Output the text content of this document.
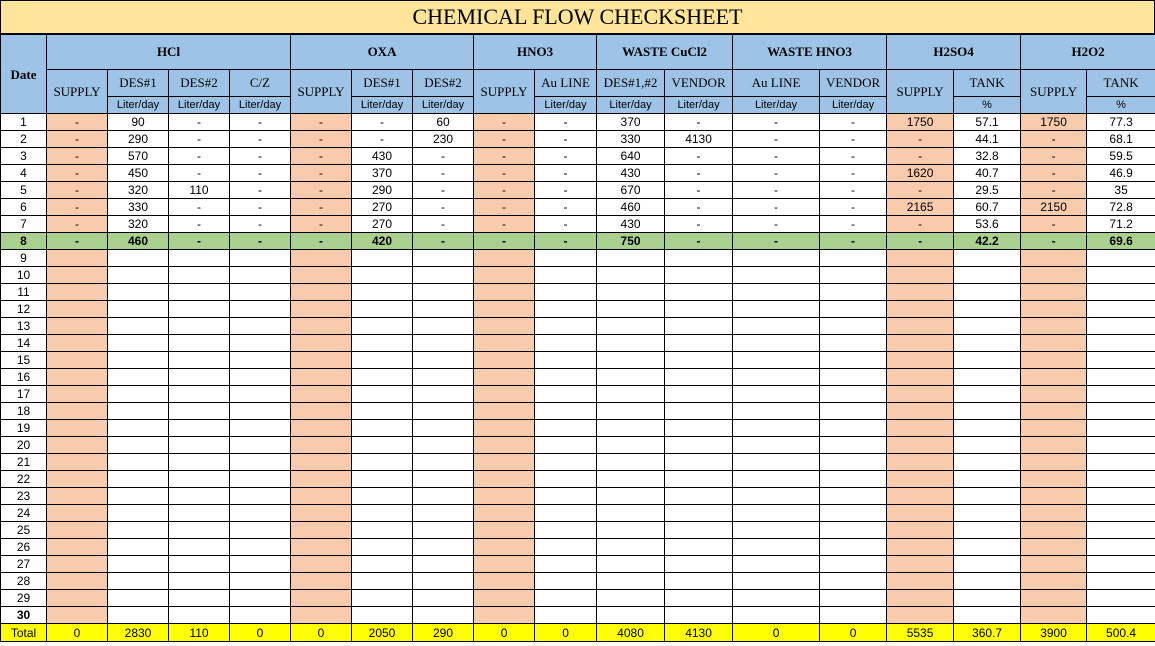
CHEMICAL FLOW CHECKSHEET
Date	HCl				OXA			HNO3		WASTE CuCl2		WASTE HNO3		H2SO4		H2O2	
	SUPPLY	DES#1	DES#2	C/Z	SUPPLY	DES#1	DES#2	SUPPLY	Au LINE	DES#1,#2	VENDOR	Au LINE	VENDOR	SUPPLY	TANK	SUPPLY	TANK
		Liter/day	Liter/day	Liter/day		Liter/day	Liter/day		Liter/day	Liter/day	Liter/day	Liter/day	Liter/day		%		%
1	-	90	-	-	-	-	60	-	-	370	-	-	-	1750	57.1	1750	77.3
2	-	290	-	-	-	-	230	-	-	330	4130	-	-	-	44.1	-	68.1
3	-	570	-	-	-	430	-	-	-	640	-	-	-	-	32.8	-	59.5
4	-	450	-	-	-	370	-	-	-	430	-	-	-	1620	40.7	-	46.9
5	-	320	110	-	-	290	-	-	-	670	-	-	-	-	29.5	-	35
6	-	330	-	-	-	270	-	-	-	460	-	-	-	2165	60.7	2150	72.8
7	-	320	-	-	-	270	-	-	-	430	-	-	-	-	53.6	-	71.2
8	-	460	-	-	-	420	-	-	-	750	-	-	-	-	42.2	-	69.6
9																	
10																	
11																	
12																	
13																	
14																	
15																	
16																	
17																	
18																	
19																	
20																	
21																	
22																	
23																	
24																	
25																	
26																	
27																	
28																	
29																	
30																	
Total	0	2830	110	0	0	2050	290	0	0	4080	4130	0	0	5535	360.7	3900	500.4
